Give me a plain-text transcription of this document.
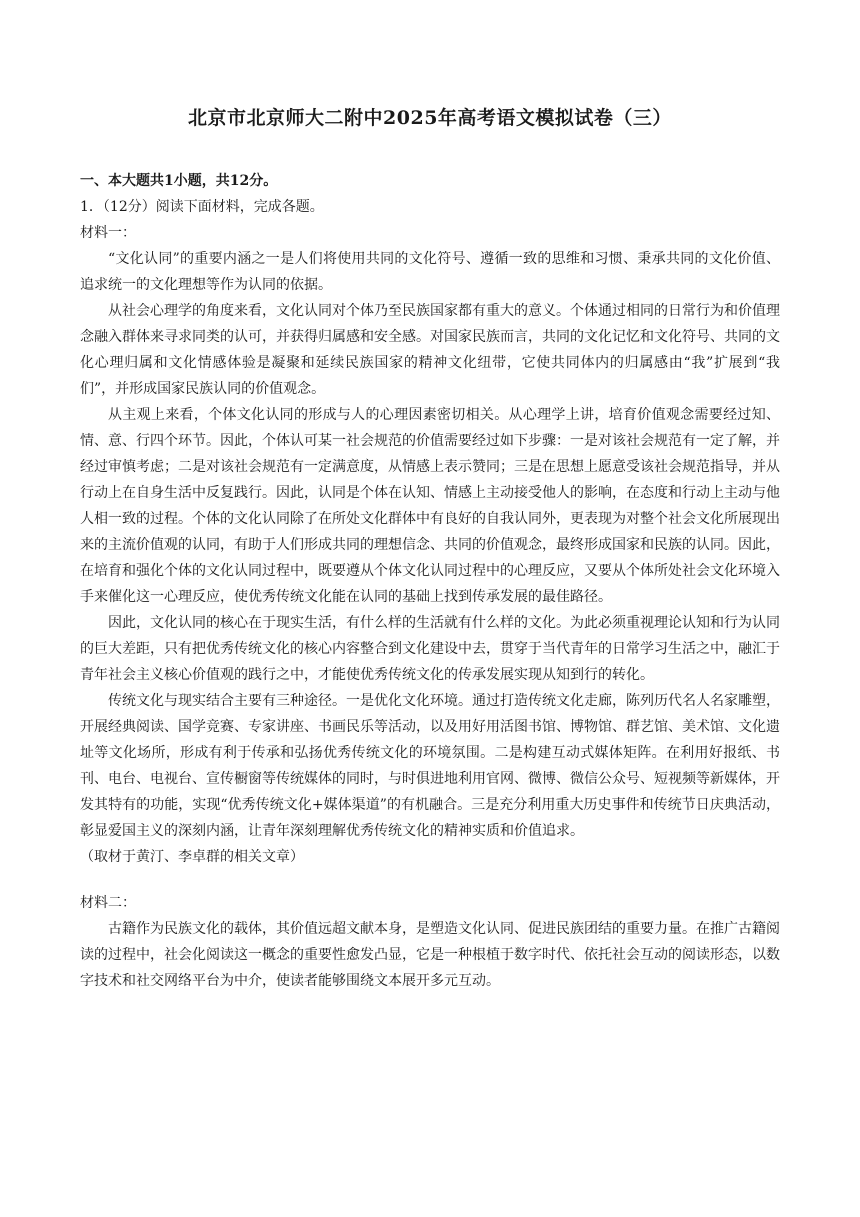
北京市北京师大二附中2025年高考语文模拟试卷（三）
一、本大题共1小题，共12分。
1．（12分）阅读下面材料，完成各题。
材料一：

“文化认同”的重要内涵之一是人们将使用共同的文化符号、遵循一致的思维和习惯、秉承共同的文化价值、追求统一的文化理想等作为认同的依据。

从社会心理学的角度来看，文化认同对个体乃至民族国家都有重大的意义。个体通过相同的日常行为和价值理念融入群体来寻求同类的认可，并获得归属感和安全感。对国家民族而言，共同的文化记忆和文化符号、共同的文化心理归属和文化情感体验是凝聚和延续民族国家的精神文化纽带，它使共同体内的归属感由“我”扩展到“我们”，并形成国家民族认同的价值观念。

从主观上来看，个体文化认同的形成与人的心理因素密切相关。从心理学上讲，培育价值观念需要经过知、情、意、行四个环节。因此，个体认可某一社会规范的价值需要经过如下步骤：一是对该社会规范有一定了解，并经过审慎考虑；二是对该社会规范有一定满意度，从情感上表示赞同；三是在思想上愿意受该社会规范指导，并从行动上在自身生活中反复践行。因此，认同是个体在认知、情感上主动接受他人的影响，在态度和行动上主动与他人相一致的过程。个体的文化认同除了在所处文化群体中有良好的自我认同外，更表现为对整个社会文化所展现出来的主流价值观的认同，有助于人们形成共同的理想信念、共同的价值观念，最终形成国家和民族的认同。因此，在培育和强化个体的文化认同过程中，既要遵从个体文化认同过程中的心理反应，又要从个体所处社会文化环境入手来催化这一心理反应，使优秀传统文化能在认同的基础上找到传承发展的最佳路径。

因此，文化认同的核心在于现实生活，有什么样的生活就有什么样的文化。为此必须重视理论认知和行为认同的巨大差距，只有把优秀传统文化的核心内容整合到文化建设中去，贯穿于当代青年的日常学习生活之中，融汇于青年社会主义核心价值观的践行之中，才能使优秀传统文化的传承发展实现从知到行的转化。

传统文化与现实结合主要有三种途径。一是优化文化环境。通过打造传统文化走廊，陈列历代名人名家雕塑，开展经典阅读、国学竞赛、专家讲座、书画民乐等活动，以及用好用活图书馆、博物馆、群艺馆、美术馆、文化遗址等文化场所，形成有利于传承和弘扬优秀传统文化的环境氛围。二是构建互动式媒体矩阵。在利用好报纸、书刊、电台、电视台、宣传橱窗等传统媒体的同时，与时俱进地利用官网、微博、微信公众号、短视频等新媒体，开发其特有的功能，实现“优秀传统文化+媒体渠道”的有机融合。三是充分利用重大历史事件和传统节日庆典活动，彰显爱国主义的深刻内涵，让青年深刻理解优秀传统文化的精神实质和价值追求。

（取材于黄汀、李卓群的相关文章）
材料二：

古籍作为民族文化的载体，其价值远超文献本身，是塑造文化认同、促进民族团结的重要力量。在推广古籍阅读的过程中，社会化阅读这一概念的重要性愈发凸显，它是一种根植于数字时代、依托社会互动的阅读形态，以数字技术和社交网络平台为中介，使读者能够围绕文本展开多元互动。
